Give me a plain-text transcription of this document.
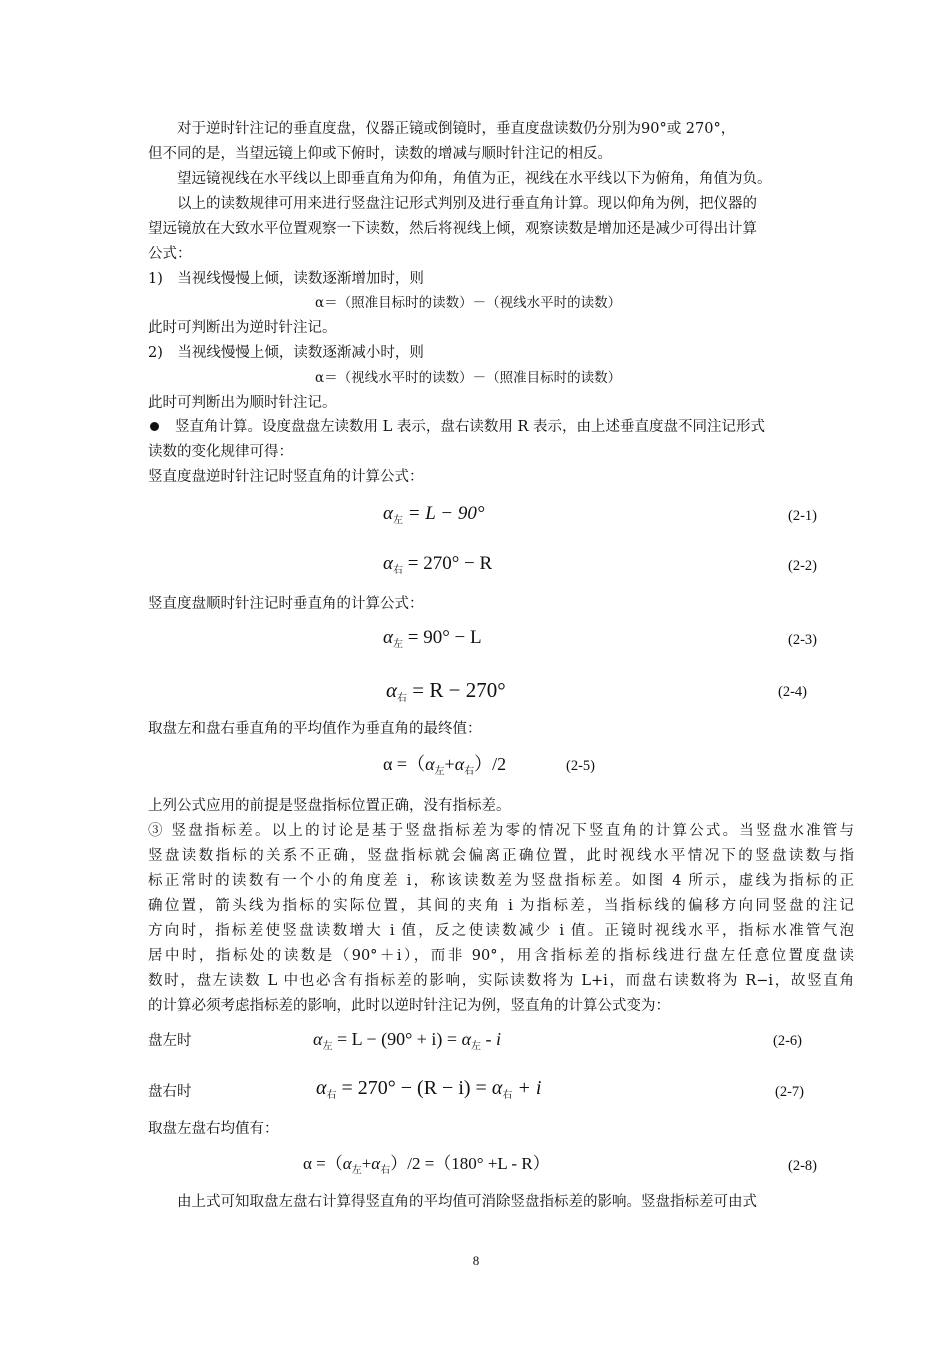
对于逆时针注记的垂直度盘，仪器正镜或倒镜时，垂直度盘读数仍分别为90°或 270°，
但不同的是，当望远镜上仰或下俯时，读数的增减与顺时针注记的相反。
望远镜视线在水平线以上即垂直角为仰角，角值为正，视线在水平线以下为俯角，角值为负。
以上的读数规律可用来进行竖盘注记形式判别及进行垂直角计算。现以仰角为例，把仪器的
望远镜放在大致水平位置观察一下读数，然后将视线上倾，观察读数是增加还是减少可得出计算
公式：
1)　当视线慢慢上倾，读数逐渐增加时，则
α＝（照准目标时的读数）－（视线水平时的读数）
此时可判断出为逆时针注记。
2)　当视线慢慢上倾，读数逐渐减小时，则
α＝（视线水平时的读数）－（照准目标时的读数）
此时可判断出为顺时针注记。
竖直角计算。设度盘盘左读数用 L 表示，盘右读数用 R 表示，由上述垂直度盘不同注记形式
读数的变化规律可得：
竖直度盘逆时针注记时竖直角的计算公式：
$\alpha_左 = L - 90^\circ$	(2-1)
$\alpha_右 = 270^\circ - R$	(2-2)
竖直度盘顺时针注记时垂直角的计算公式：
$\alpha_左 = 90^\circ - L$	(2-3)
$\alpha_右 = R - 270^\circ$	(2-4)
取盘左和盘右垂直角的平均值作为垂直角的最终值：
$\alpha =(\alpha_左+\alpha_右)/2$	(2-5)
上列公式应用的前提是竖盘指标位置正确，没有指标差。
③ 竖盘指标差。以上的讨论是基于竖盘指标差为零的情况下竖直角的计算公式。当竖盘水准管与
竖盘读数指标的关系不正确，竖盘指标就会偏离正确位置，此时视线水平情况下的竖盘读数与指
标正常时的读数有一个小的角度差 i，称该读数差为竖盘指标差。如图 4 所示，虚线为指标的正
确位置，箭头线为指标的实际位置，其间的夹角 i 为指标差，当指标线的偏移方向同竖盘的注记
方向时，指标差使竖盘读数增大 i 值，反之使读数减少 i 值。正镜时视线水平，指标水准管气泡
居中时，指标处的读数是（90°＋i），而非 90°，用含指标差的指标线进行盘左任意位置度盘读
数时，盘左读数 L 中也必含有指标差的影响，实际读数将为 L+i，而盘右读数将为 R−i，故竖直角
的计算必须考虑指标差的影响，此时以逆时针注记为例，竖直角的计算公式变为：
盘左时	$\alpha_左 = L - (90^\circ + i) = \alpha_左 - i$	(2-6)
盘右时	$\alpha_右 = 270^\circ - (R - i) = \alpha_右 + i$	(2-7)
取盘左盘右均值有：
$\alpha =(\alpha_左+\alpha_右)/2 =(180^\circ +L - R)$	(2-8)
由上式可知取盘左盘右计算得竖直角的平均值可消除竖盘指标差的影响。竖盘指标差可由式
8
